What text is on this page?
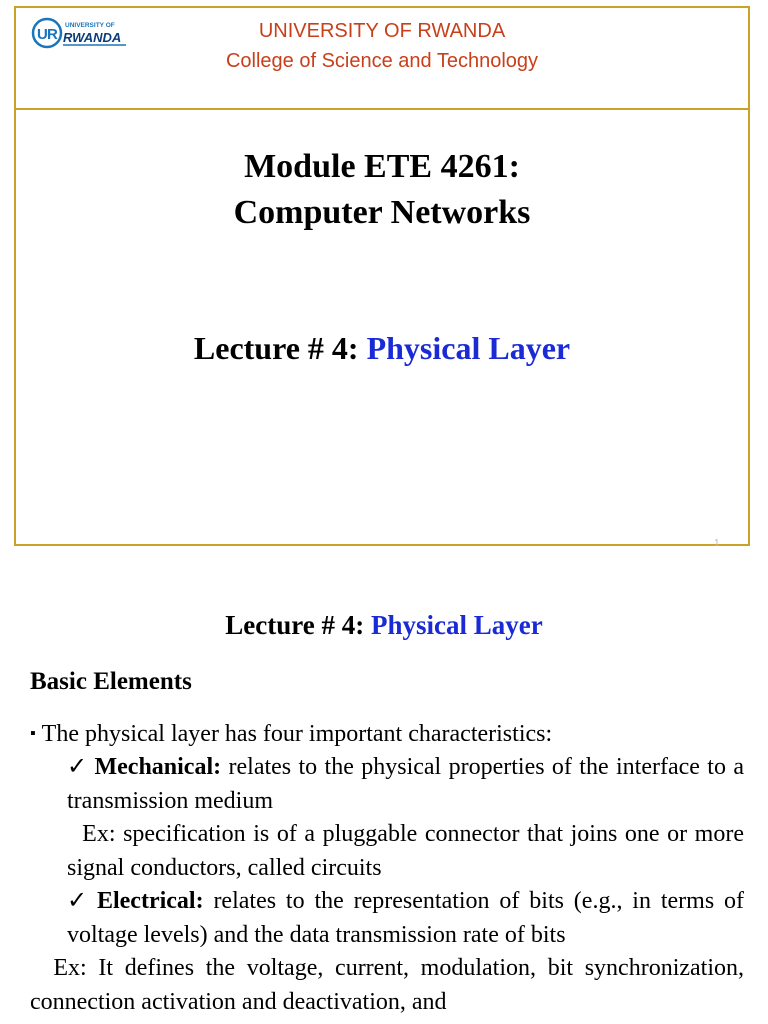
U R
UNIVERSITY OF
RWANDA	UNIVERSITY OF RWANDA
College of Science and Technology
Module ETE 4261:
Computer Networks
Lecture # 4: Physical Layer
1
Lecture # 4: Physical Layer
Basic Elements
▪ The physical layer has four important characteristics:
✓ Mechanical: relates to the physical properties of the interface to a transmission medium
Ex: specification is of a pluggable connector that joins one or more signal conductors, called circuits
✓ Electrical: relates to the representation of bits (e.g., in terms of voltage levels) and the data transmission rate of bits
Ex: It defines the voltage, current, modulation, bit synchronization, connection activation and deactivation, and
